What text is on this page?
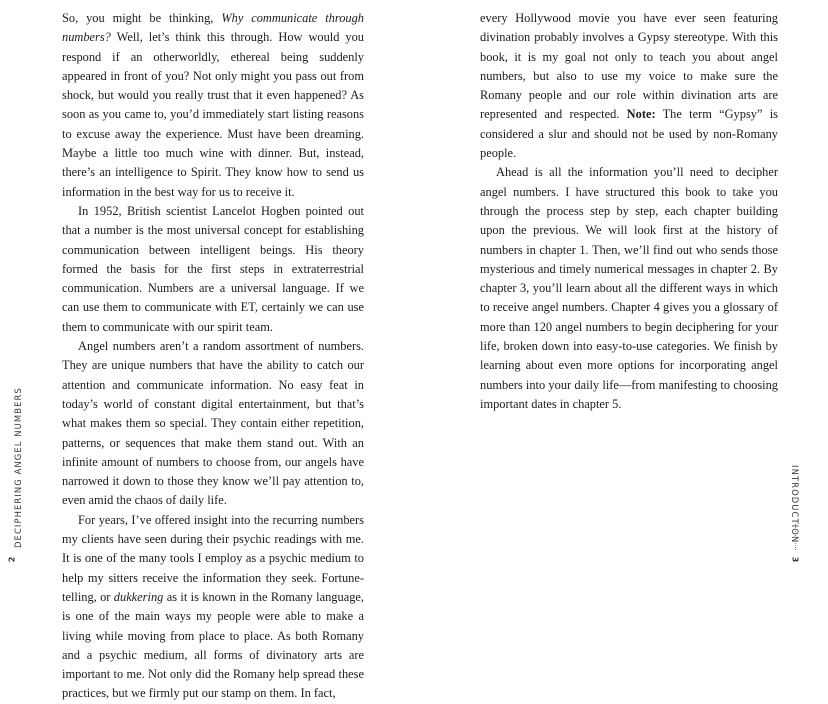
So, you might be thinking, Why communicate through numbers? Well, let’s think this through. How would you respond if an otherworldly, ethereal being suddenly appeared in front of you? Not only might you pass out from shock, but would you really trust that it even happened? As soon as you came to, you’d immediately start listing reasons to excuse away the experience. Must have been dreaming. Maybe a little too much wine with dinner. But, instead, there’s an intelligence to Spirit. They know how to send us information in the best way for us to receive it.

In 1952, British scientist Lancelot Hogben pointed out that a number is the most universal concept for establishing communication between intelligent beings. His theory formed the basis for the first steps in extraterrestrial communication. Numbers are a universal language. If we can use them to communicate with ET, certainly we can use them to communicate with our spirit team.

Angel numbers aren’t a random assortment of numbers. They are unique numbers that have the ability to catch our attention and communicate information. No easy feat in today’s world of constant digital entertainment, but that’s what makes them so special. They contain either repetition, patterns, or sequences that make them stand out. With an infinite amount of numbers to choose from, our angels have narrowed it down to those they know we’ll pay attention to, even amid the chaos of daily life.

For years, I’ve offered insight into the recurring numbers my clients have seen during their psychic readings with me. It is one of the many tools I employ as a psychic medium to help my sitters receive the information they seek. Fortune-telling, or dukkering as it is known in the Romany language, is one of the main ways my people were able to make a living while moving from place to place. As both Romany and a psychic medium, all forms of divinatory arts are important to me. Not only did the Romany help spread these practices, but we firmly put our stamp on them. In fact,

DECIPHERING ANGEL NUMBERS
2

every Hollywood movie you have ever seen featuring divination probably involves a Gypsy stereotype. With this book, it is my goal not only to teach you about angel numbers, but also to use my voice to make sure the Romany people and our role within divination arts are represented and respected. Note: The term “Gypsy” is considered a slur and should not be used by non-Romany people.

Ahead is all the information you’ll need to decipher angel numbers. I have structured this book to take you through the process step by step, each chapter building upon the previous. We will look first at the history of numbers in chapter 1. Then, we’ll find out who sends those mysterious and timely numerical messages in chapter 2. By chapter 3, you’ll learn about all the different ways in which to receive angel numbers. Chapter 4 gives you a glossary of more than 120 angel numbers to begin deciphering for your life, broken down into easy-to-use categories. We finish by learning about even more options for incorporating angel numbers into your daily life—from manifesting to choosing important dates in chapter 5.

INTRODUCTION
3
